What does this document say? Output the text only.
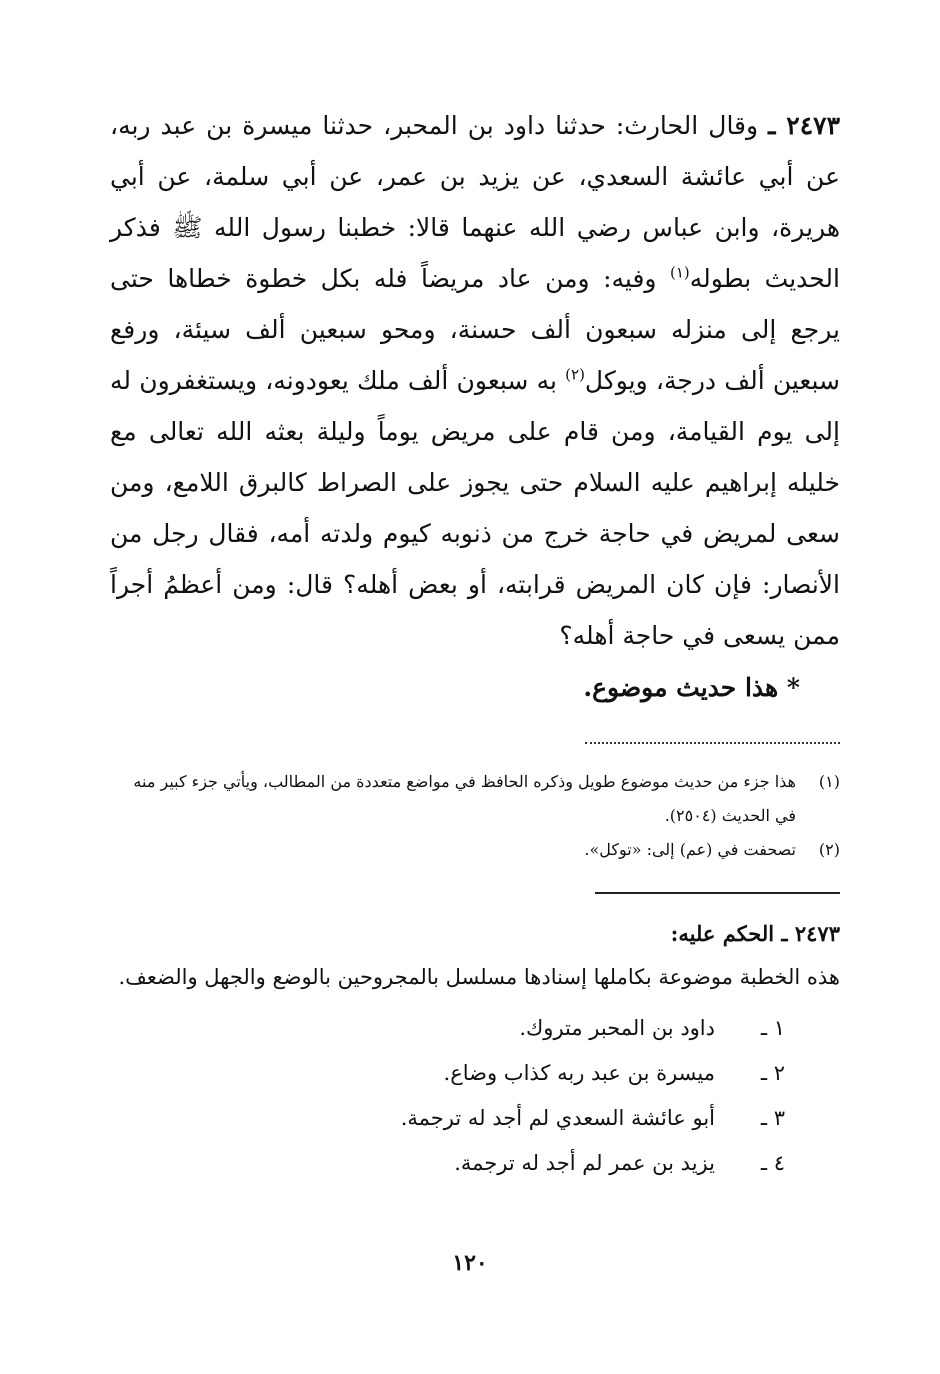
٢٤٧٣ ـ وقال الحارث: حدثنا داود بن المحبر، حدثنا ميسرة بن عبد ربه، عن أبي عائشة السعدي، عن يزيد بن عمر، عن أبي سلمة، عن أبي هريرة، وابن عباس رضي الله عنهما قالا: خطبنا رسول الله ﷺ فذكر الحديث بطوله$^{(١)}$ وفيه: ومن عاد مريضاً فله بكل خطوة خطاها حتى يرجع إلى منزله سبعون ألف حسنة، ومحو سبعين ألف سيئة، ورفع سبعين ألف درجة، ويوكل$^{(٢)}$ به سبعون ألف ملك يعودونه، ويستغفرون له إلى يوم القيامة، ومن قام على مريض يوماً وليلة بعثه الله تعالى مع خليله إبراهيم عليه السلام حتى يجوز على الصراط كالبرق اللامع، ومن سعى لمريض في حاجة خرج من ذنوبه كيوم ولدته أمه، فقال رجل من الأنصار: فإن كان المريض قرابته، أو بعض أهله؟ قال: ومن أعظمُ أجراً ممن يسعى في حاجة أهله؟
* هذا حديث موضوع.
(١)هذا جزء من حديث موضوع طويل وذكره الحافظ في مواضع متعددة من المطالب، ويأتي جزء كبير منه في الحديث (٢٥٠٤).
(٢)تصحفت في (عم) إلى: «توكل».
٢٤٧٣ ـ الحكم عليه:
هذه الخطبة موضوعة بكاملها إسنادها مسلسل بالمجروحين بالوضع والجهل والضعف.
١ ـداود بن المحبر متروك.
٢ ـميسرة بن عبد ربه كذاب وضاع.
٣ ـأبو عائشة السعدي لم أجد له ترجمة.
٤ ـيزيد بن عمر لم أجد له ترجمة.
١٢٠
